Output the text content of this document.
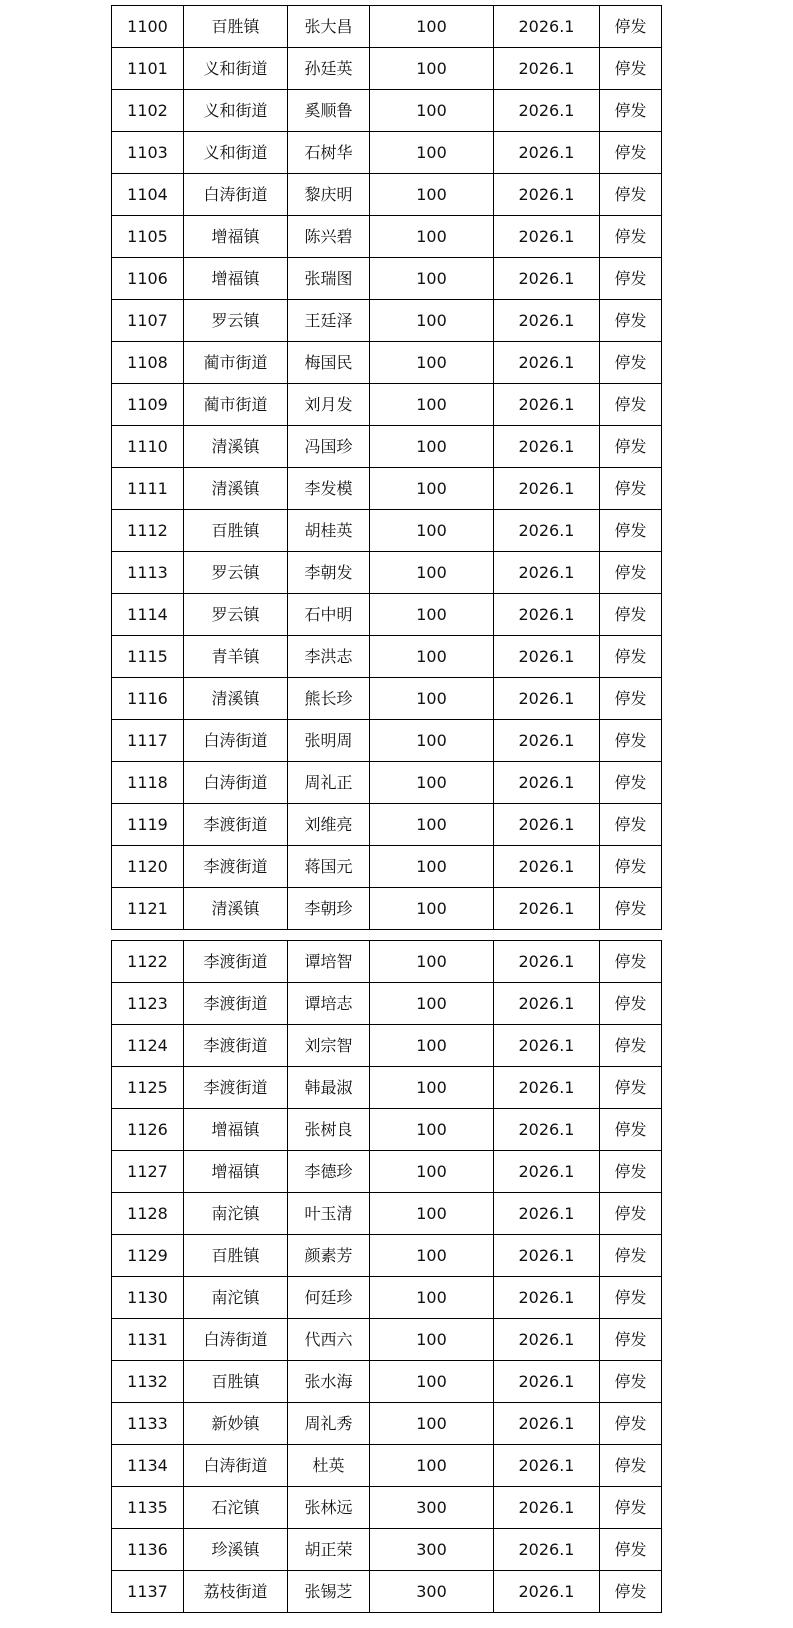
1100	百胜镇	张大昌	100	2026.1	停发
1101	义和街道	孙廷英	100	2026.1	停发
1102	义和街道	奚顺鲁	100	2026.1	停发
1103	义和街道	石树华	100	2026.1	停发
1104	白涛街道	黎庆明	100	2026.1	停发
1105	增福镇	陈兴碧	100	2026.1	停发
1106	增福镇	张瑞图	100	2026.1	停发
1107	罗云镇	王廷泽	100	2026.1	停发
1108	蔺市街道	梅国民	100	2026.1	停发
1109	蔺市街道	刘月发	100	2026.1	停发
1110	清溪镇	冯国珍	100	2026.1	停发
1111	清溪镇	李发模	100	2026.1	停发
1112	百胜镇	胡桂英	100	2026.1	停发
1113	罗云镇	李朝发	100	2026.1	停发
1114	罗云镇	石中明	100	2026.1	停发
1115	青羊镇	李洪志	100	2026.1	停发
1116	清溪镇	熊长珍	100	2026.1	停发
1117	白涛街道	张明周	100	2026.1	停发
1118	白涛街道	周礼正	100	2026.1	停发
1119	李渡街道	刘维亮	100	2026.1	停发
1120	李渡街道	蒋国元	100	2026.1	停发
1121	清溪镇	李朝珍	100	2026.1	停发
1122	李渡街道	谭培智	100	2026.1	停发
1123	李渡街道	谭培志	100	2026.1	停发
1124	李渡街道	刘宗智	100	2026.1	停发
1125	李渡街道	韩最淑	100	2026.1	停发
1126	增福镇	张树良	100	2026.1	停发
1127	增福镇	李德珍	100	2026.1	停发
1128	南沱镇	叶玉清	100	2026.1	停发
1129	百胜镇	颜素芳	100	2026.1	停发
1130	南沱镇	何廷珍	100	2026.1	停发
1131	白涛街道	代西六	100	2026.1	停发
1132	百胜镇	张水海	100	2026.1	停发
1133	新妙镇	周礼秀	100	2026.1	停发
1134	白涛街道	杜英	100	2026.1	停发
1135	石沱镇	张林远	300	2026.1	停发
1136	珍溪镇	胡正荣	300	2026.1	停发
1137	荔枝街道	张锡芝	300	2026.1	停发
